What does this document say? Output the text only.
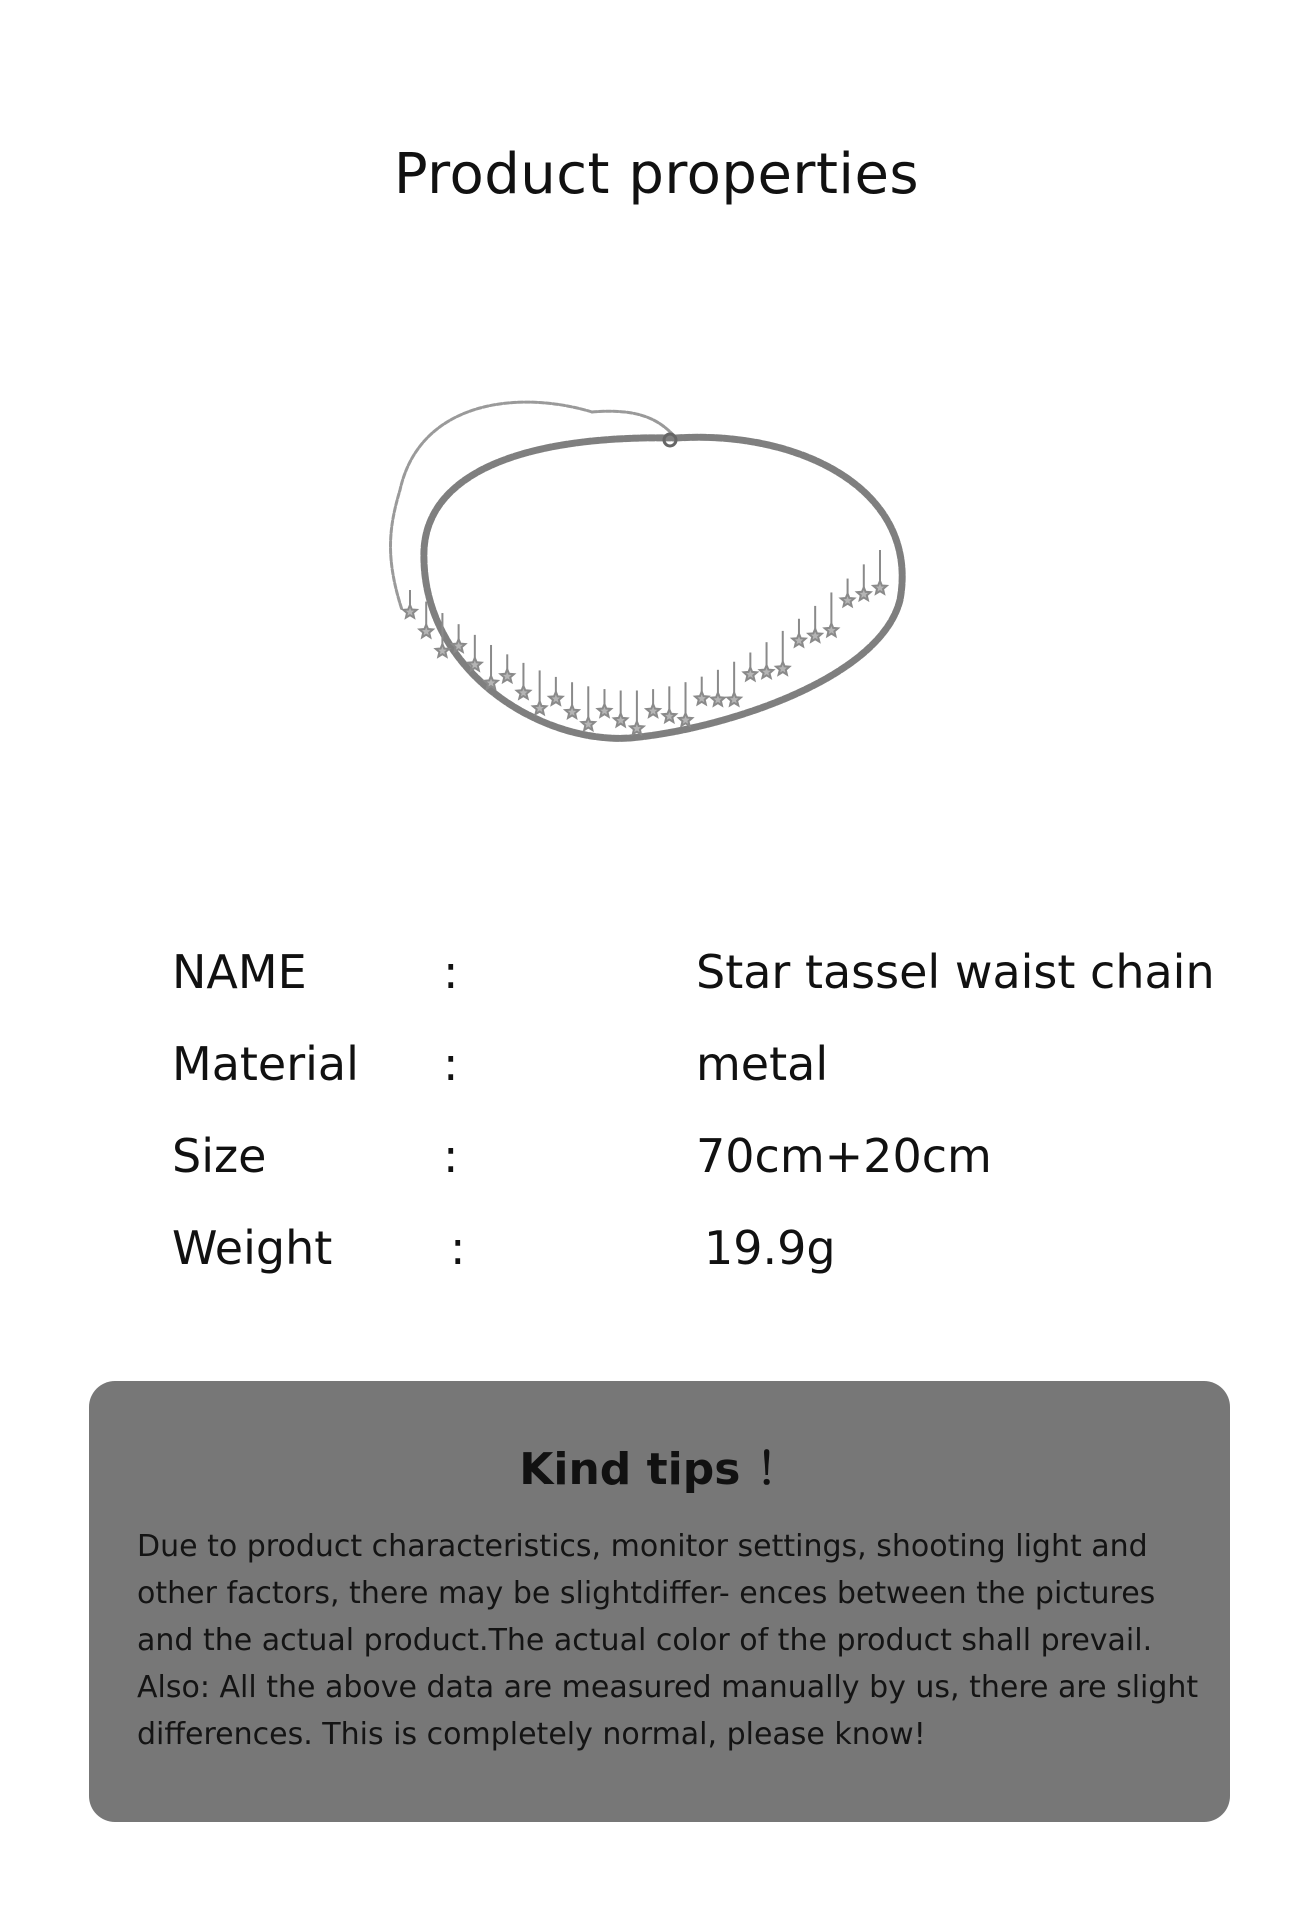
Product properties
NAME	:	Star tassel waist chain
Material :	metal
Size	:	70cm+20cm
Weight	:	19.9g
Kind tips ！
Due to product characteristics, monitor settings, shooting light and other factors, there may be slightdiffer- ences between the pictures and the actual product.The actual color of the product shall prevail. Also: All the above data are measured manually by us, there are slight differences. This is completely normal, please know!
